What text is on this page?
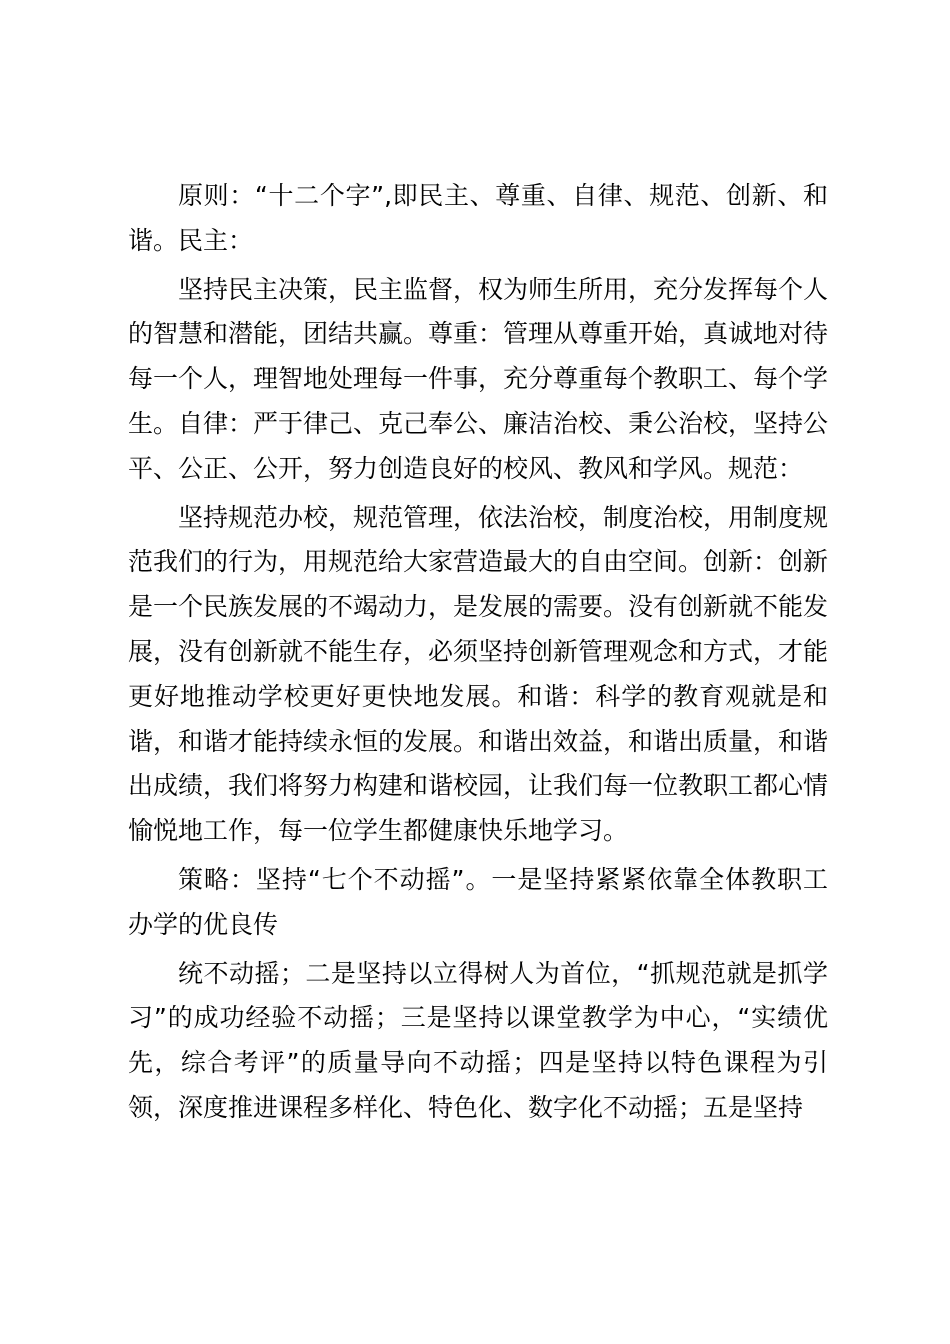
原则：“十二个字”,即民主、尊重、自律、规范、创新、和谐。民主：

坚持民主决策，民主监督，权为师生所用，充分发挥每个人的智慧和潜能，团结共赢。尊重：管理从尊重开始，真诚地对待每一个人，理智地处理每一件事，充分尊重每个教职工、每个学生。自律：严于律己、克己奉公、廉洁治校、秉公治校，坚持公平、公正、公开，努力创造良好的校风、教风和学风。规范：

坚持规范办校，规范管理，依法治校，制度治校，用制度规范我们的行为，用规范给大家营造最大的自由空间。创新：创新是一个民族发展的不竭动力，是发展的需要。没有创新就不能发展，没有创新就不能生存，必须坚持创新管理观念和方式，才能更好地推动学校更好更快地发展。和谐：科学的教育观就是和谐，和谐才能持续永恒的发展。和谐出效益，和谐出质量，和谐出成绩，我们将努力构建和谐校园，让我们每一位教职工都心情愉悦地工作，每一位学生都健康快乐地学习。

策略：坚持“七个不动摇”。一是坚持紧紧依靠全体教职工办学的优良传

统不动摇；二是坚持以立得树人为首位，“抓规范就是抓学习”的成功经验不动摇；三是坚持以课堂教学为中心，“实绩优先，综合考评”的质量导向不动摇；四是坚持以特色课程为引领，深度推进课程多样化、特色化、数字化不动摇；五是坚持
